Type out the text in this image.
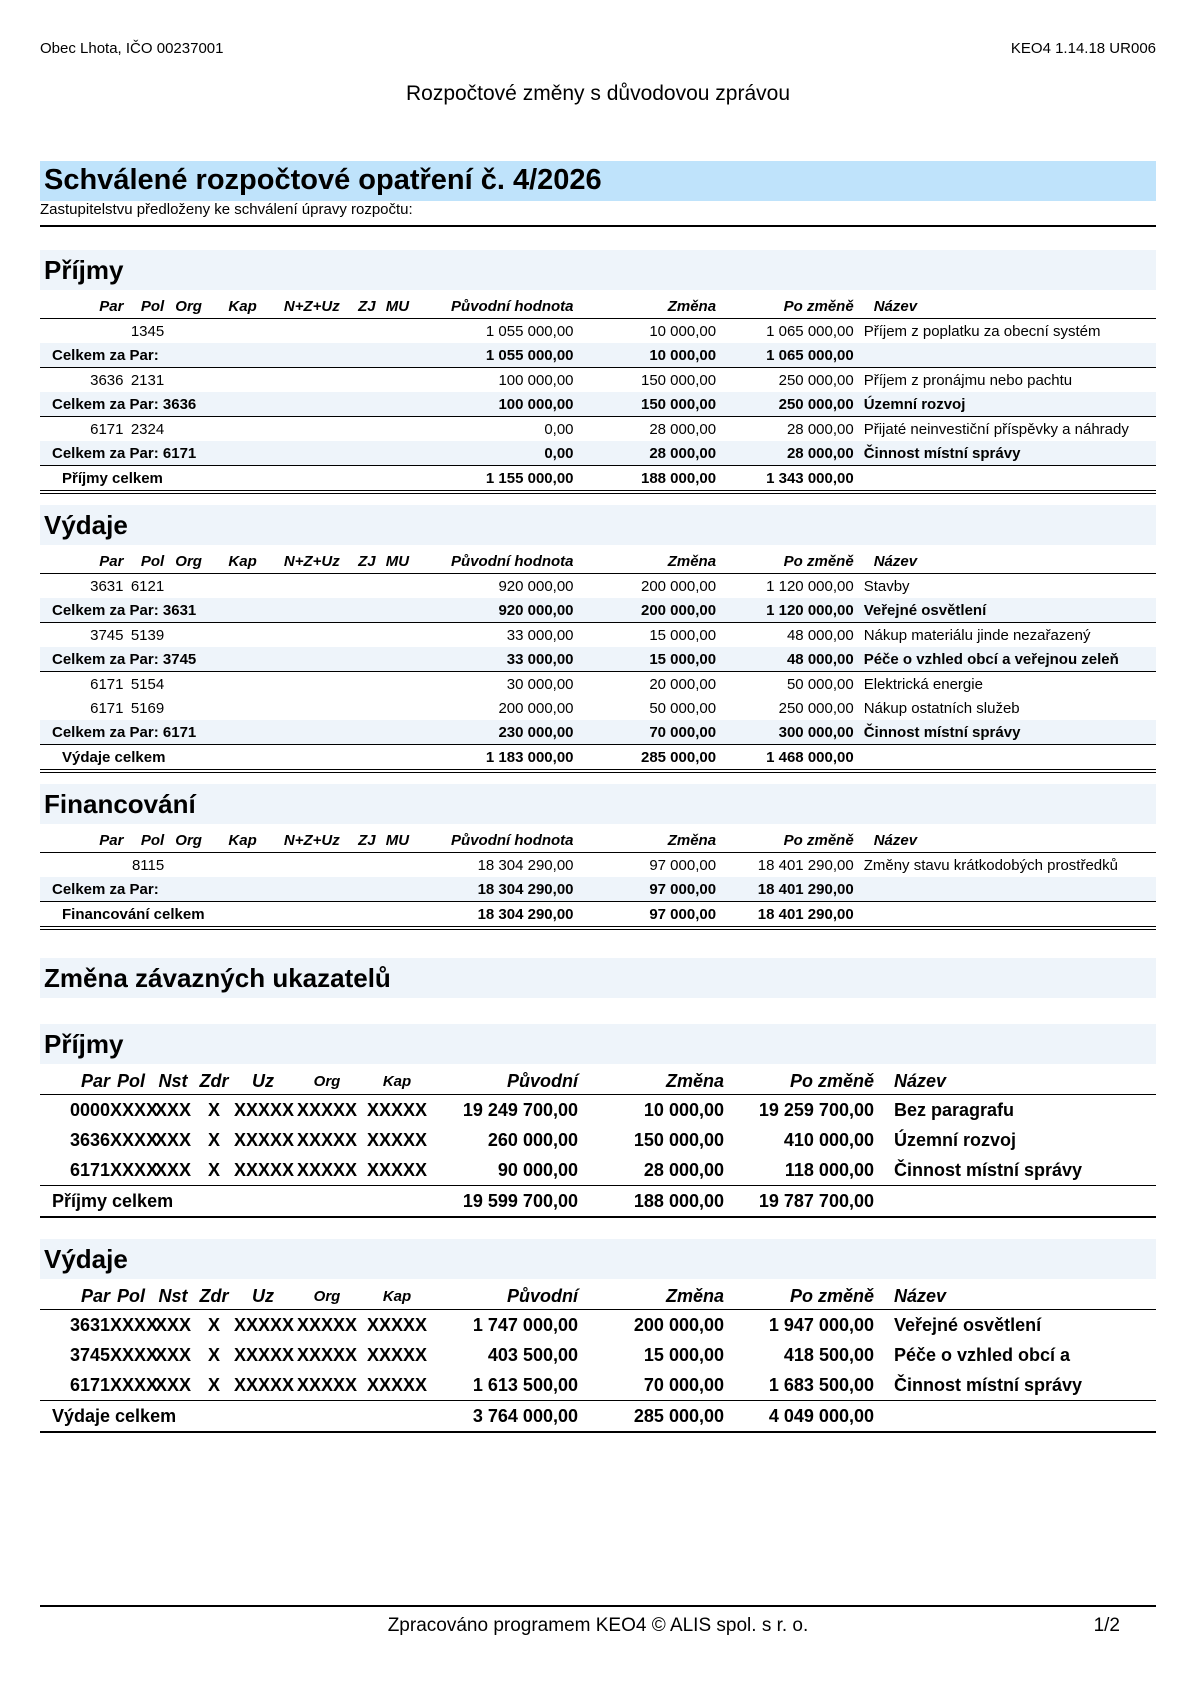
Obec Lhota, IČO 00237001	KEO4 1.14.18 UR006
Rozpočtové změny s důvodovou zprávou
Schválené rozpočtové opatření č. 4/2026
Zastupitelstvu předloženy ke schválení úpravy rozpočtu:
Příjmy
Par	Pol	Org	Kap	N+Z+Uz	ZJ	MU	Původní hodnota	Změna	Po změně	Název
	1345						1 055 000,00	10 000,00	1 065 000,00	Příjem z poplatku za obecní systém
Celkem za Par:							1 055 000,00	10 000,00	1 065 000,00	
3636	2131						100 000,00	150 000,00	250 000,00	Příjem z pronájmu nebo pachtu
Celkem za Par: 3636							100 000,00	150 000,00	250 000,00	Územní rozvoj
6171	2324						0,00	28 000,00	28 000,00	Přijaté neinvestiční příspěvky a náhrady
Celkem za Par: 6171							0,00	28 000,00	28 000,00	Činnost místní správy
Příjmy celkem							1 155 000,00	188 000,00	1 343 000,00	
Výdaje
Par	Pol	Org	Kap	N+Z+Uz	ZJ	MU	Původní hodnota	Změna	Po změně	Název
3631	6121						920 000,00	200 000,00	1 120 000,00	Stavby
Celkem za Par: 3631							920 000,00	200 000,00	1 120 000,00	Veřejné osvětlení
3745	5139						33 000,00	15 000,00	48 000,00	Nákup materiálu jinde nezařazený
Celkem za Par: 3745							33 000,00	15 000,00	48 000,00	Péče o vzhled obcí a veřejnou zeleň
6171	5154						30 000,00	20 000,00	50 000,00	Elektrická energie
6171	5169						200 000,00	50 000,00	250 000,00	Nákup ostatních služeb
Celkem za Par: 6171							230 000,00	70 000,00	300 000,00	Činnost místní správy
Výdaje celkem							1 183 000,00	285 000,00	1 468 000,00	
Financování
Par	Pol	Org	Kap	N+Z+Uz	ZJ	MU	Původní hodnota	Změna	Po změně	Název
	8115						18 304 290,00	97 000,00	18 401 290,00	Změny stavu krátkodobých prostředků
Celkem za Par:							18 304 290,00	97 000,00	18 401 290,00	
Financování celkem							18 304 290,00	97 000,00	18 401 290,00	
Změna závazných ukazatelů
Příjmy
Par	Pol	Nst	Zdr	Uz	Org	Kap	Původní	Změna	Po změně	Název
0000	XXXX	XXX	X	XXXXX	XXXXX	XXXXX	19 249 700,00	10 000,00	19 259 700,00	Bez paragrafu
3636	XXXX	XXX	X	XXXXX	XXXXX	XXXXX	260 000,00	150 000,00	410 000,00	Územní rozvoj
6171	XXXX	XXX	X	XXXXX	XXXXX	XXXXX	90 000,00	28 000,00	118 000,00	Činnost místní správy
Příjmy celkem							19 599 700,00	188 000,00	19 787 700,00	
Výdaje
Par	Pol	Nst	Zdr	Uz	Org	Kap	Původní	Změna	Po změně	Název
3631	XXXX	XXX	X	XXXXX	XXXXX	XXXXX	1 747 000,00	200 000,00	1 947 000,00	Veřejné osvětlení
3745	XXXX	XXX	X	XXXXX	XXXXX	XXXXX	403 500,00	15 000,00	418 500,00	Péče o vzhled obcí a
6171	XXXX	XXX	X	XXXXX	XXXXX	XXXXX	1 613 500,00	70 000,00	1 683 500,00	Činnost místní správy
Výdaje celkem							3 764 000,00	285 000,00	4 049 000,00	
Zpracováno programem KEO4 © ALIS spol. s r. o.	1/2
